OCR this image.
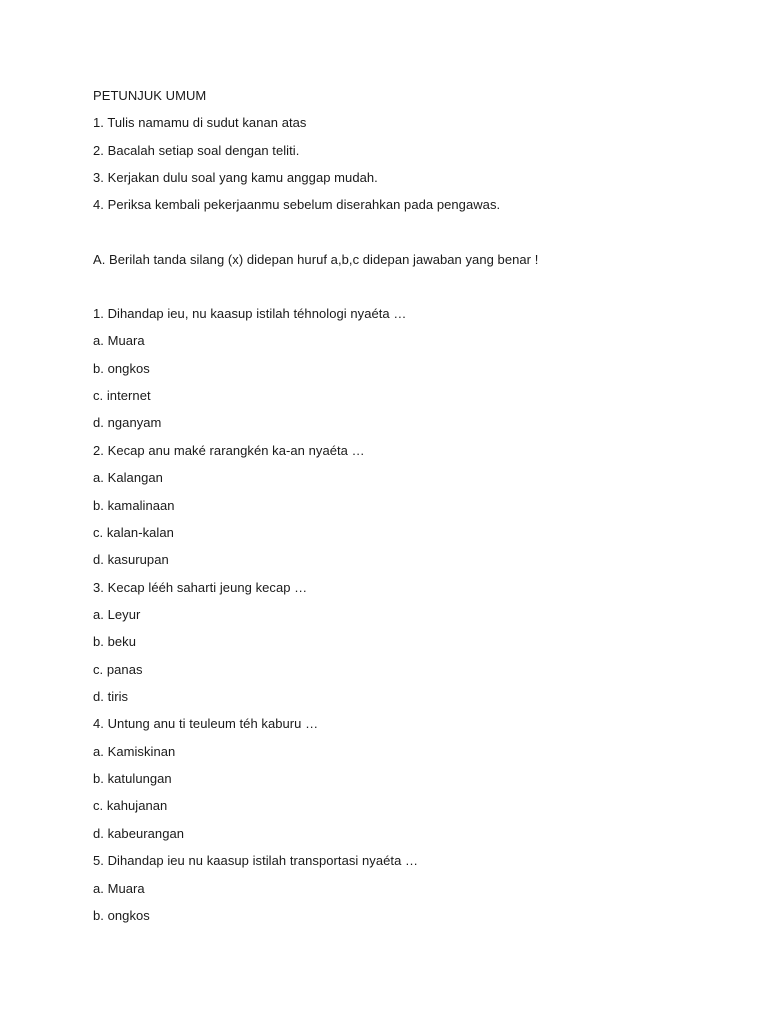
PETUNJUK UMUM
1. Tulis namamu di sudut kanan atas
2. Bacalah setiap soal dengan teliti.
3. Kerjakan dulu soal yang kamu anggap mudah.
4. Periksa kembali pekerjaanmu sebelum diserahkan pada pengawas.
A. Berilah tanda silang (x) didepan huruf a,b,c didepan jawaban yang benar !
1. Dihandap ieu, nu kaasup istilah téhnologi nyaéta …
a. Muara
b. ongkos
c. internet
d. nganyam
2. Kecap anu maké rarangkén ka-an nyaéta …
a. Kalangan
b. kamalinaan
c. kalan-kalan
d. kasurupan
3. Kecap lééh saharti jeung kecap …
a. Leyur
b. beku
c. panas
d. tiris
4. Untung anu ti teuleum téh kaburu …
a. Kamiskinan
b. katulungan
c. kahujanan
d. kabeurangan
5. Dihandap ieu nu kaasup istilah transportasi nyaéta …
a. Muara
b. ongkos
